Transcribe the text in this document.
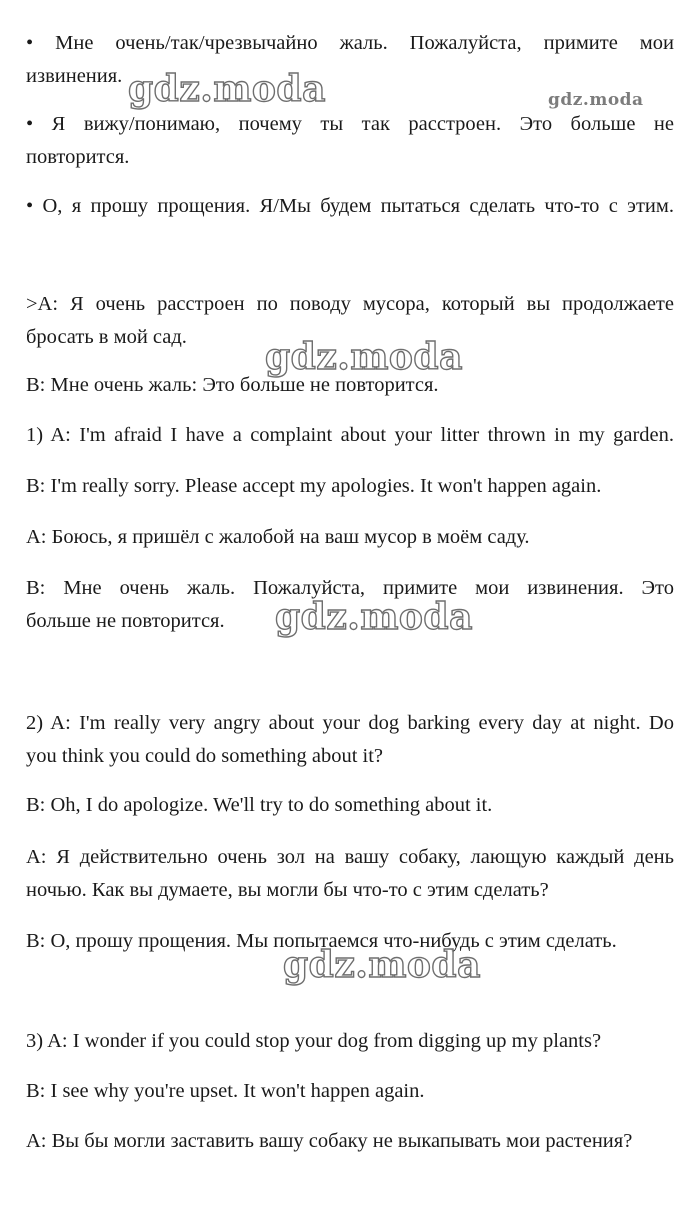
• Мне очень/так/чрезвычайно жаль. Пожалуйста, примите мои
извинения.
• Я вижу/понимаю, почему ты так расстроен. Это больше не
повторится.
• О, я прошу прощения. Я/Мы будем пытаться сделать что-то с этим.
>A: Я очень расстроен по поводу мусора, который вы продолжаете
бросать в мой сад.
B: Мне очень жаль: Это больше не повторится.
1) A: I'm afraid I have a complaint about your litter thrown in my garden.
B: I'm really sorry. Please accept my apologies. It won't happen again.
A: Боюсь, я пришёл с жалобой на ваш мусор в моём саду.
B: Мне очень жаль. Пожалуйста, примите мои извинения. Это
больше не повторится.
2) A: I'm really very angry about your dog barking every day at night. Do
you think you could do something about it?
B: Oh, I do apologize. We'll try to do something about it.
A: Я действительно очень зол на вашу собаку, лающую каждый день
ночью. Как вы думаете, вы могли бы что-то с этим сделать?
B: О, прошу прощения. Мы попытаемся что-нибудь с этим сделать.
3) A: I wonder if you could stop your dog from digging up my plants?
B: I see why you're upset. It won't happen again.
A: Вы бы могли заставить вашу собаку не выкапывать мои растения?
gdz.moda	gdz.moda
gdz.moda
gdz.moda
gdz.moda
